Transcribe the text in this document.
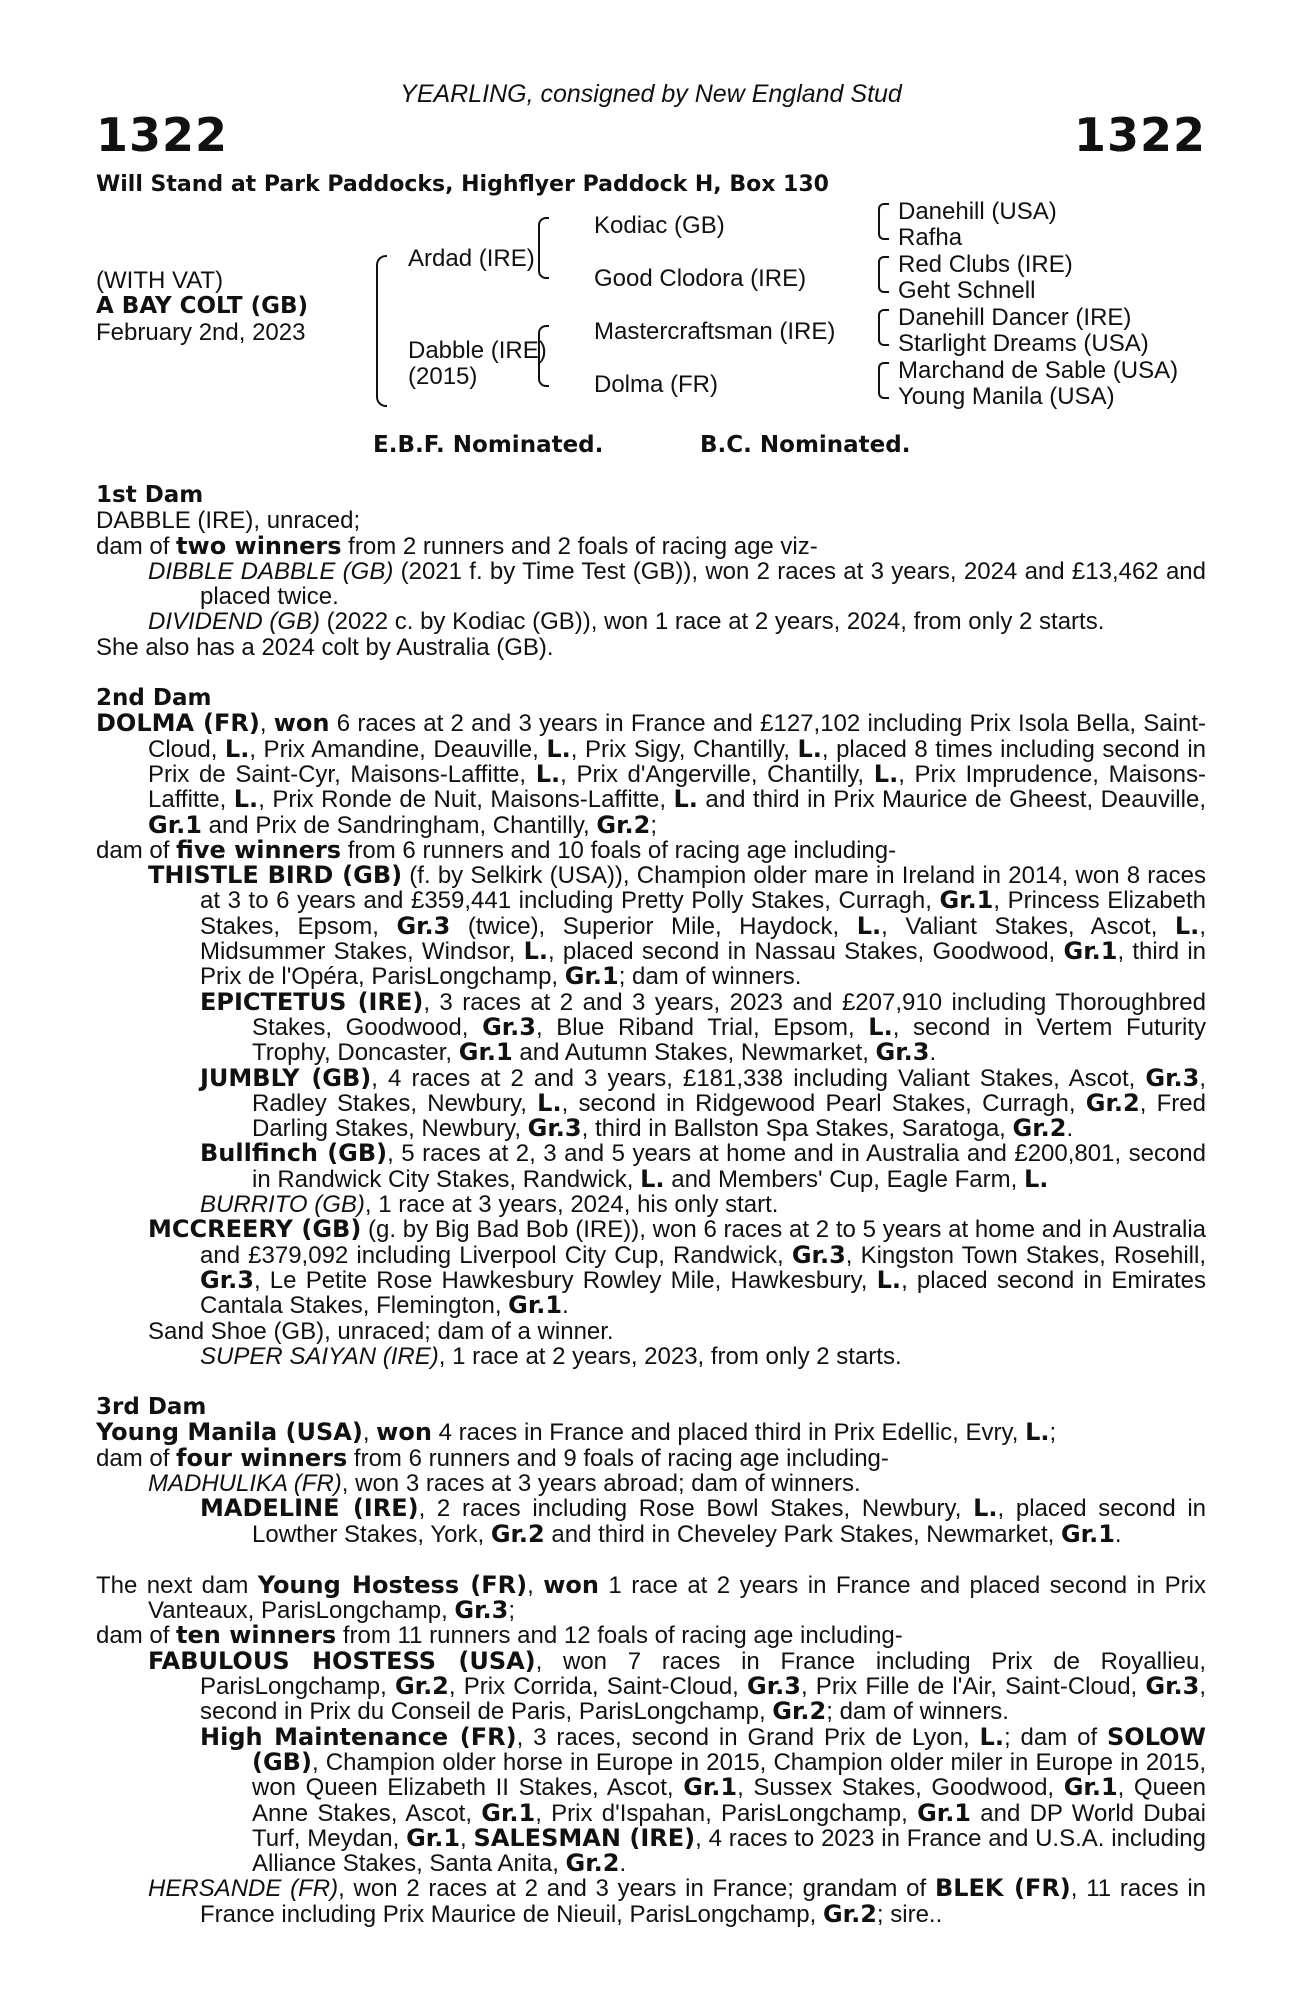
YEARLING, consigned by New England Stud
1322	1322
Will Stand at Park Paddocks, Highflyer Paddock H, Box 130
(WITH VAT)
A BAY COLT (GB)
February 2nd, 2023
Ardad (IRE)
Dabble (IRE)
(2015)
Kodiac (GB)
Good Clodora (IRE)
Mastercraftsman (IRE)
Dolma (FR)
Danehill (USA)
Rafha
Red Clubs (IRE)
Geht Schnell
Danehill Dancer (IRE)
Starlight Dreams (USA)
Marchand de Sable (USA)
Young Manila (USA)
E.B.F. Nominated.	B.C. Nominated.
1st Dam
DABBLE (IRE), unraced;
dam of two winners from 2 runners and 2 foals of racing age viz-
DIBBLE DABBLE (GB) (2021 f. by Time Test (GB)), won 2 races at 3 years, 2024 and £13,462 and placed twice.
DIVIDEND (GB) (2022 c. by Kodiac (GB)), won 1 race at 2 years, 2024, from only 2 starts.
She also has a 2024 colt by Australia (GB).
2nd Dam
DOLMA (FR), won 6 races at 2 and 3 years in France and £127,102 including Prix Isola Bella, Saint-Cloud, L., Prix Amandine, Deauville, L., Prix Sigy, Chantilly, L., placed 8 times including second in Prix de Saint-Cyr, Maisons-Laffitte, L., Prix d'Angerville, Chantilly, L., Prix Imprudence, Maisons-Laffitte, L., Prix Ronde de Nuit, Maisons-Laffitte, L. and third in Prix Maurice de Gheest, Deauville, Gr.1 and Prix de Sandringham, Chantilly, Gr.2;
dam of five winners from 6 runners and 10 foals of racing age including-
THISTLE BIRD (GB) (f. by Selkirk (USA)), Champion older mare in Ireland in 2014, won 8 races at 3 to 6 years and £359,441 including Pretty Polly Stakes, Curragh, Gr.1, Princess Elizabeth Stakes, Epsom, Gr.3 (twice), Superior Mile, Haydock, L., Valiant Stakes, Ascot, L., Midsummer Stakes, Windsor, L., placed second in Nassau Stakes, Goodwood, Gr.1, third in Prix de l'Opéra, ParisLongchamp, Gr.1; dam of winners.
EPICTETUS (IRE), 3 races at 2 and 3 years, 2023 and £207,910 including Thoroughbred Stakes, Goodwood, Gr.3, Blue Riband Trial, Epsom, L., second in Vertem Futurity Trophy, Doncaster, Gr.1 and Autumn Stakes, Newmarket, Gr.3.
JUMBLY (GB), 4 races at 2 and 3 years, £181,338 including Valiant Stakes, Ascot, Gr.3, Radley Stakes, Newbury, L., second in Ridgewood Pearl Stakes, Curragh, Gr.2, Fred Darling Stakes, Newbury, Gr.3, third in Ballston Spa Stakes, Saratoga, Gr.2.
Bullfinch (GB), 5 races at 2, 3 and 5 years at home and in Australia and £200,801, second in Randwick City Stakes, Randwick, L. and Members' Cup, Eagle Farm, L.
BURRITO (GB), 1 race at 3 years, 2024, his only start.
MCCREERY (GB) (g. by Big Bad Bob (IRE)), won 6 races at 2 to 5 years at home and in Australia and £379,092 including Liverpool City Cup, Randwick, Gr.3, Kingston Town Stakes, Rosehill, Gr.3, Le Petite Rose Hawkesbury Rowley Mile, Hawkesbury, L., placed second in Emirates Cantala Stakes, Flemington, Gr.1.
Sand Shoe (GB), unraced; dam of a winner.
SUPER SAIYAN (IRE), 1 race at 2 years, 2023, from only 2 starts.
3rd Dam
Young Manila (USA), won 4 races in France and placed third in Prix Edellic, Evry, L.;
dam of four winners from 6 runners and 9 foals of racing age including-
MADHULIKA (FR), won 3 races at 3 years abroad; dam of winners.
MADELINE (IRE), 2 races including Rose Bowl Stakes, Newbury, L., placed second in Lowther Stakes, York, Gr.2 and third in Cheveley Park Stakes, Newmarket, Gr.1.
The next dam Young Hostess (FR), won 1 race at 2 years in France and placed second in Prix Vanteaux, ParisLongchamp, Gr.3;
dam of ten winners from 11 runners and 12 foals of racing age including-
FABULOUS HOSTESS (USA), won 7 races in France including Prix de Royallieu, ParisLongchamp, Gr.2, Prix Corrida, Saint-Cloud, Gr.3, Prix Fille de l'Air, Saint-Cloud, Gr.3, second in Prix du Conseil de Paris, ParisLongchamp, Gr.2; dam of winners.
High Maintenance (FR), 3 races, second in Grand Prix de Lyon, L.; dam of SOLOW (GB), Champion older horse in Europe in 2015, Champion older miler in Europe in 2015, won Queen Elizabeth II Stakes, Ascot, Gr.1, Sussex Stakes, Goodwood, Gr.1, Queen Anne Stakes, Ascot, Gr.1, Prix d'Ispahan, ParisLongchamp, Gr.1 and DP World Dubai Turf, Meydan, Gr.1, SALESMAN (IRE), 4 races to 2023 in France and U.S.A. including Alliance Stakes, Santa Anita, Gr.2.
HERSANDE (FR), won 2 races at 2 and 3 years in France; grandam of BLEK (FR), 11 races in France including Prix Maurice de Nieuil, ParisLongchamp, Gr.2; sire..
